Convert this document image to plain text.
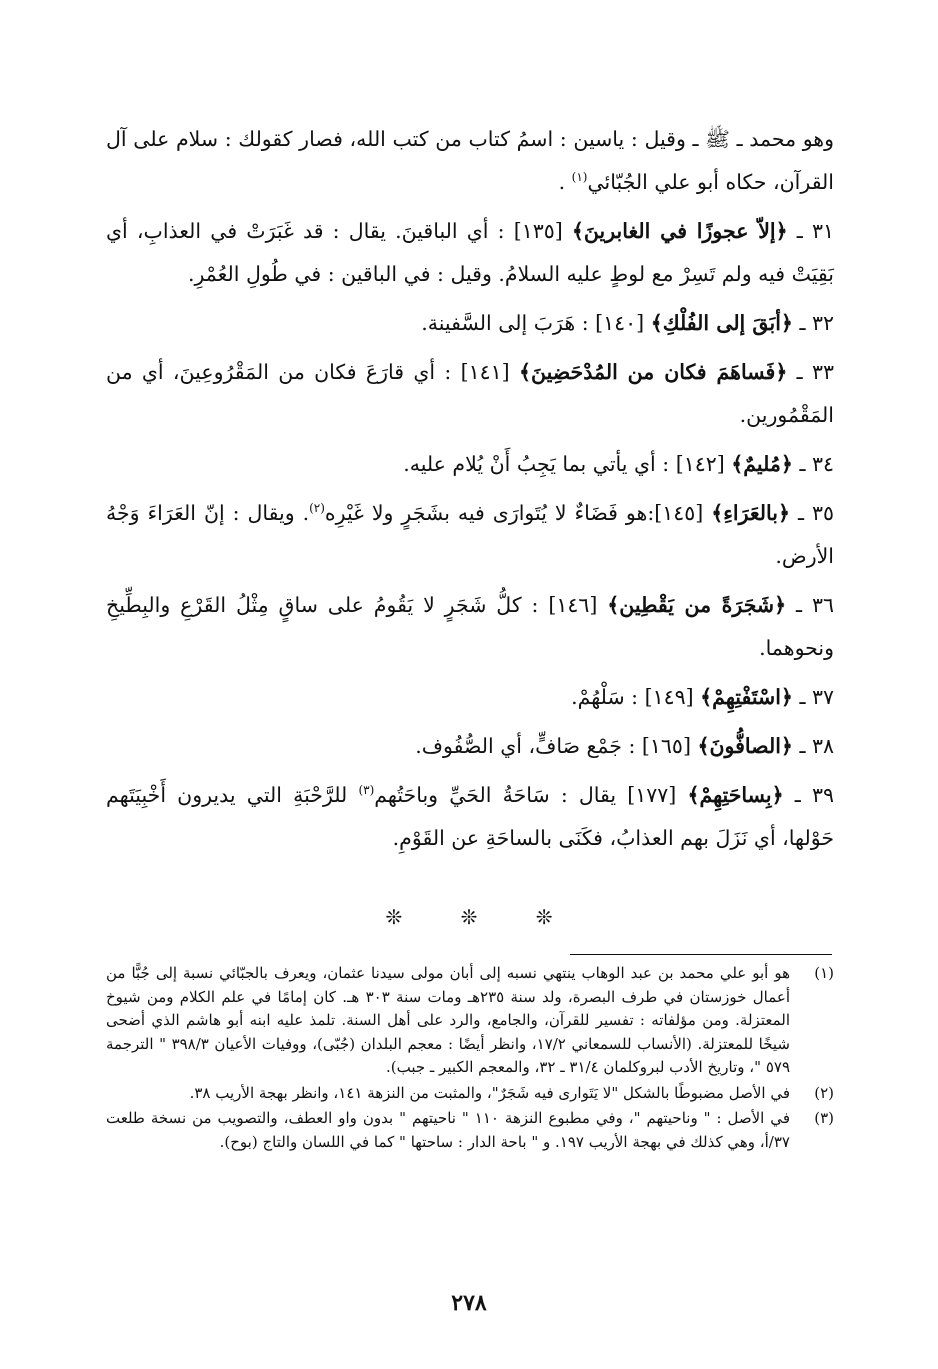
وهو محمد ـ ﷺ ـ وقيل : ياسين : اسمُ كتاب من كتب الله، فصار كقولك : سلام على آل القرآن، حكاه أبو علي الجُبّائي$^{(١)}$ .

٣١ ـ ﴿إلاّ عجوزًا في الغابرينَ﴾ [١٣٥] : أي الباقينَ. يقال : قد غَبَرَتْ في العذابِ، أي بَقِيَتْ فيه ولم تَسِرْ مع لوطٍ عليه السلامُ. وقيل : في الباقين : في طُولِ العُمْرِ.

٣٢ ـ ﴿أبَقَ إلى الفُلْكِ﴾ [١٤٠] : هَرَبَ إلى السَّفينة.

٣٣ ـ ﴿فَساهَمَ فكان من المُدْحَضِينَ﴾ [١٤١] : أي قارَعَ فكان من المَقْرُوعِينَ، أي من المَقْمُورين.

٣٤ ـ ﴿مُليمٌ﴾ [١٤٢] : أي يأتي بما يَجِبُ أَنْ يُلام عليه.

٣٥ ـ ﴿بالعَرَاءِ﴾ [١٤٥]:هو فَضَاءٌ لا يُتَوارَى فيه بشَجَرٍ ولا غَيْرِه$^{(٢)}$. ويقال : إنّ العَرَاءَ وَجْهُ الأرض.

٣٦ ـ ﴿شَجَرَةً من يَقْطِين﴾ [١٤٦] : كلُّ شَجَرٍ لا يَقُومُ على ساقٍ مِثْلُ القَرْعِ والبِطِّيخِ ونحوهما.

٣٧ ـ ﴿اسْتَفْتِهِمْ﴾ [١٤٩] : سَلْهُمْ.

٣٨ ـ ﴿الصافُّونَ﴾ [١٦٥] : جَمْع صَافٍّ، أي الصُّفُوف.

٣٩ ـ ﴿بِساحَتِهِمْ﴾ [١٧٧] يقال : سَاحَةُ الحَيِّ وباحَتُهم$^{(٣)}$ للرَّحْبَةِ التي يديرون أَخْبِيَتَهم حَوْلها، أي نَزَلَ بهم العذابُ، فكَنَى بالساحَةِ عن القَوْمِ.

❊	❊	❊
(١)
هو أبو علي محمد بن عبد الوهاب ينتهي نسبه إلى أبان مولى سيدنا عثمان، ويعرف بالجبّائي نسبة إلى جُبًّا من أعمال خوزستان في طرف البصرة، ولد سنة ٢٣٥هـ ومات سنة ٣٠٣ هـ. كان إمامًا في علم الكلام ومن شيوخ المعتزلة. ومن مؤلفاته : تفسير للقرآن، والجامع، والرد على أهل السنة. تلمذ عليه ابنه أبو هاشم الذي أضحى شيخًا للمعتزلة. (الأنساب للسمعاني ١٧/٢، وانظر أيضًا : معجم البلدان (جُبّى)، ووفيات الأعيان ٣٩٨/٣ " الترجمة ٥٧٩ "، وتاريخ الأدب لبروكلمان ٣١/٤ ـ ٣٢، والمعجم الكبير ـ جبب).
(٢)
في الأصل مضبوطًا بالشكل "لا يَتَوارى فيه شَجَرٌ"، والمثبت من النزهة ١٤١، وانظر بهجة الأريب ٣٨.
(٣)
في الأصل : " وناحيتهم "، وفي مطبوع النزهة ١١٠ " ناحيتهم " بدون واو العطف، والتصويب من نسخة طلعت ٣٧/أ، وهي كذلك في بهجة الأريب ١٩٧. و " باحة الدار : ساحتها " كما في اللسان والتاج (بوح).
٢٧٨
